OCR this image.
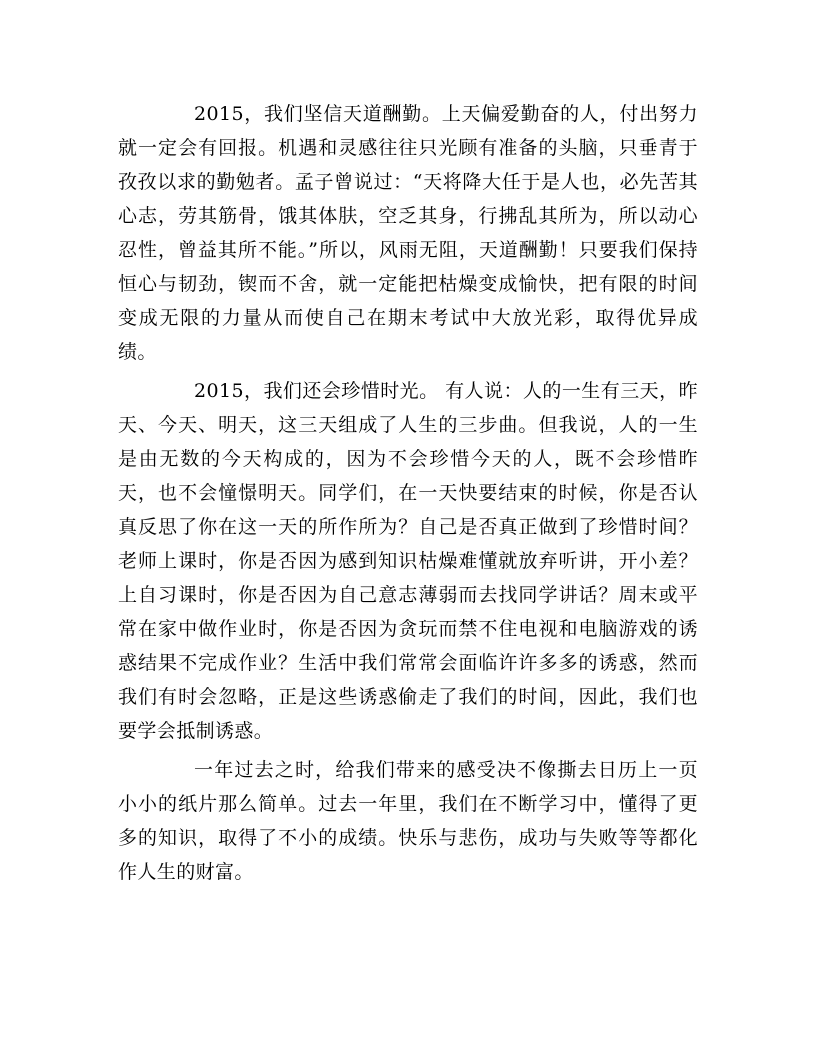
2015，我们坚信天道酬勤。上天偏爱勤奋的人，付出努力就一定会有回报。机遇和灵感往往只光顾有准备的头脑，只垂青于孜孜以求的勤勉者。孟子曾说过：“天将降大任于是人也，必先苦其心志，劳其筋骨，饿其体肤，空乏其身，行拂乱其所为，所以动心忍性，曾益其所不能。”所以，风雨无阻，天道酬勤！只要我们保持恒心与韧劲，锲而不舍，就一定能把枯燥变成愉快，把有限的时间变成无限的力量从而使自己在期末考试中大放光彩，取得优异成绩。

2015，我们还会珍惜时光。 有人说：人的一生有三天，昨天、今天、明天，这三天组成了人生的三步曲。但我说，人的一生是由无数的今天构成的，因为不会珍惜今天的人，既不会珍惜昨天，也不会憧憬明天。同学们，在一天快要结束的时候，你是否认真反思了你在这一天的所作所为？自己是否真正做到了珍惜时间？老师上课时，你是否因为感到知识枯燥难懂就放弃听讲，开小差？上自习课时，你是否因为自己意志薄弱而去找同学讲话？周末或平常在家中做作业时，你是否因为贪玩而禁不住电视和电脑游戏的诱惑结果不完成作业？生活中我们常常会面临许许多多的诱惑，然而我们有时会忽略，正是这些诱惑偷走了我们的时间，因此，我们也要学会抵制诱惑。

一年过去之时，给我们带来的感受决不像撕去日历上一页小小的纸片那么简单。过去一年里，我们在不断学习中，懂得了更多的知识，取得了不小的成绩。快乐与悲伤，成功与失败等等都化作人生的财富。
